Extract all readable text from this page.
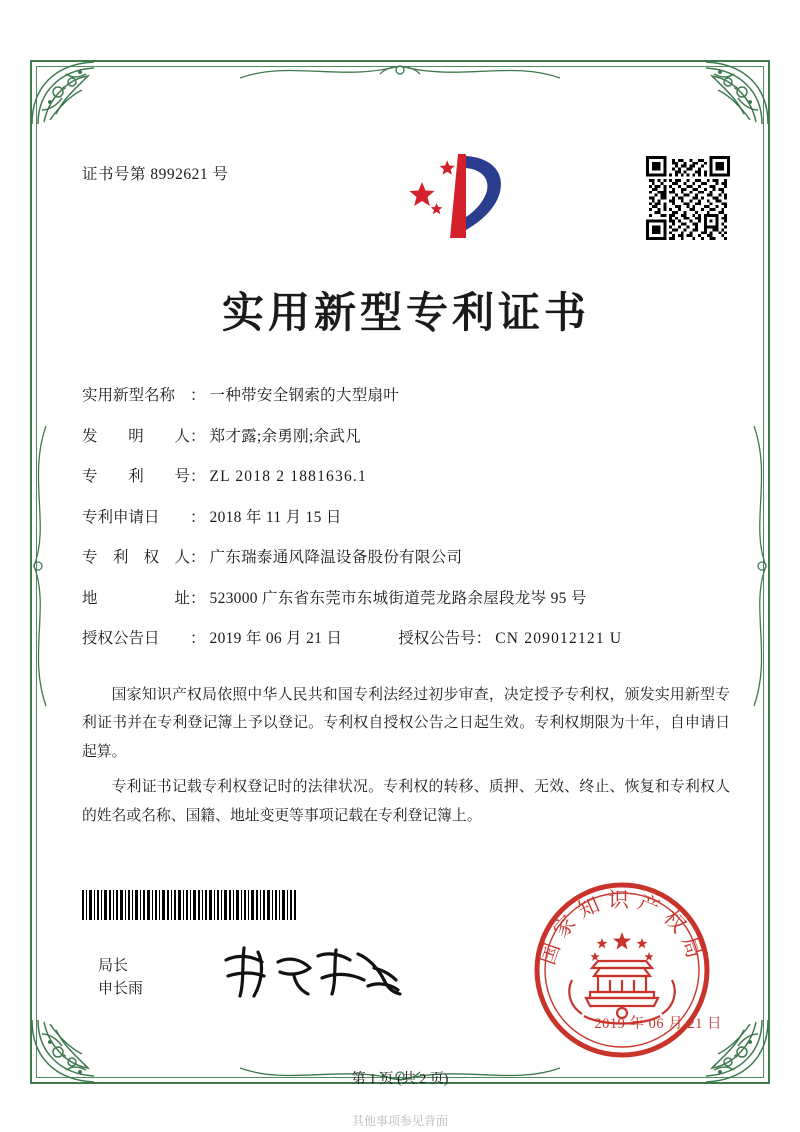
证书号第 8992621 号
实用新型专利证书
实用新型名称 ： 一种带安全钢索的大型扇叶
发 明 人 ： 郑才露;余勇刚;余武凡
专 利 号 ： ZL 2018 2 1881636.1
专利申请日	： 2018 年 11 月 15 日
专 利 权 人 ： 广东瑞泰通风降温设备股份有限公司
地	址 ： 523000 广东省东莞市东城街道莞龙路余屋段龙岑 95 号
授权公告日	： 2019 年 06 月 21 日	授权公告号 ： CN 209012121 U

国家知识产权局依照中华人民共和国专利法经过初步审查，决定授予专利权，颁发实用新型专利证书并在专利登记簿上予以登记。专利权自授权公告之日起生效。专利权期限为十年，自申请日起算。

专利证书记载专利权登记时的法律状况。专利权的转移、质押、无效、终止、恢复和专利权人的姓名或名称、国籍、地址变更等事项记载在专利登记簿上。

国家知识产权局
2019 年 06 月 21 日
局长
申长雨
第 1 页 (共 2 页)
其他事项参见背面
